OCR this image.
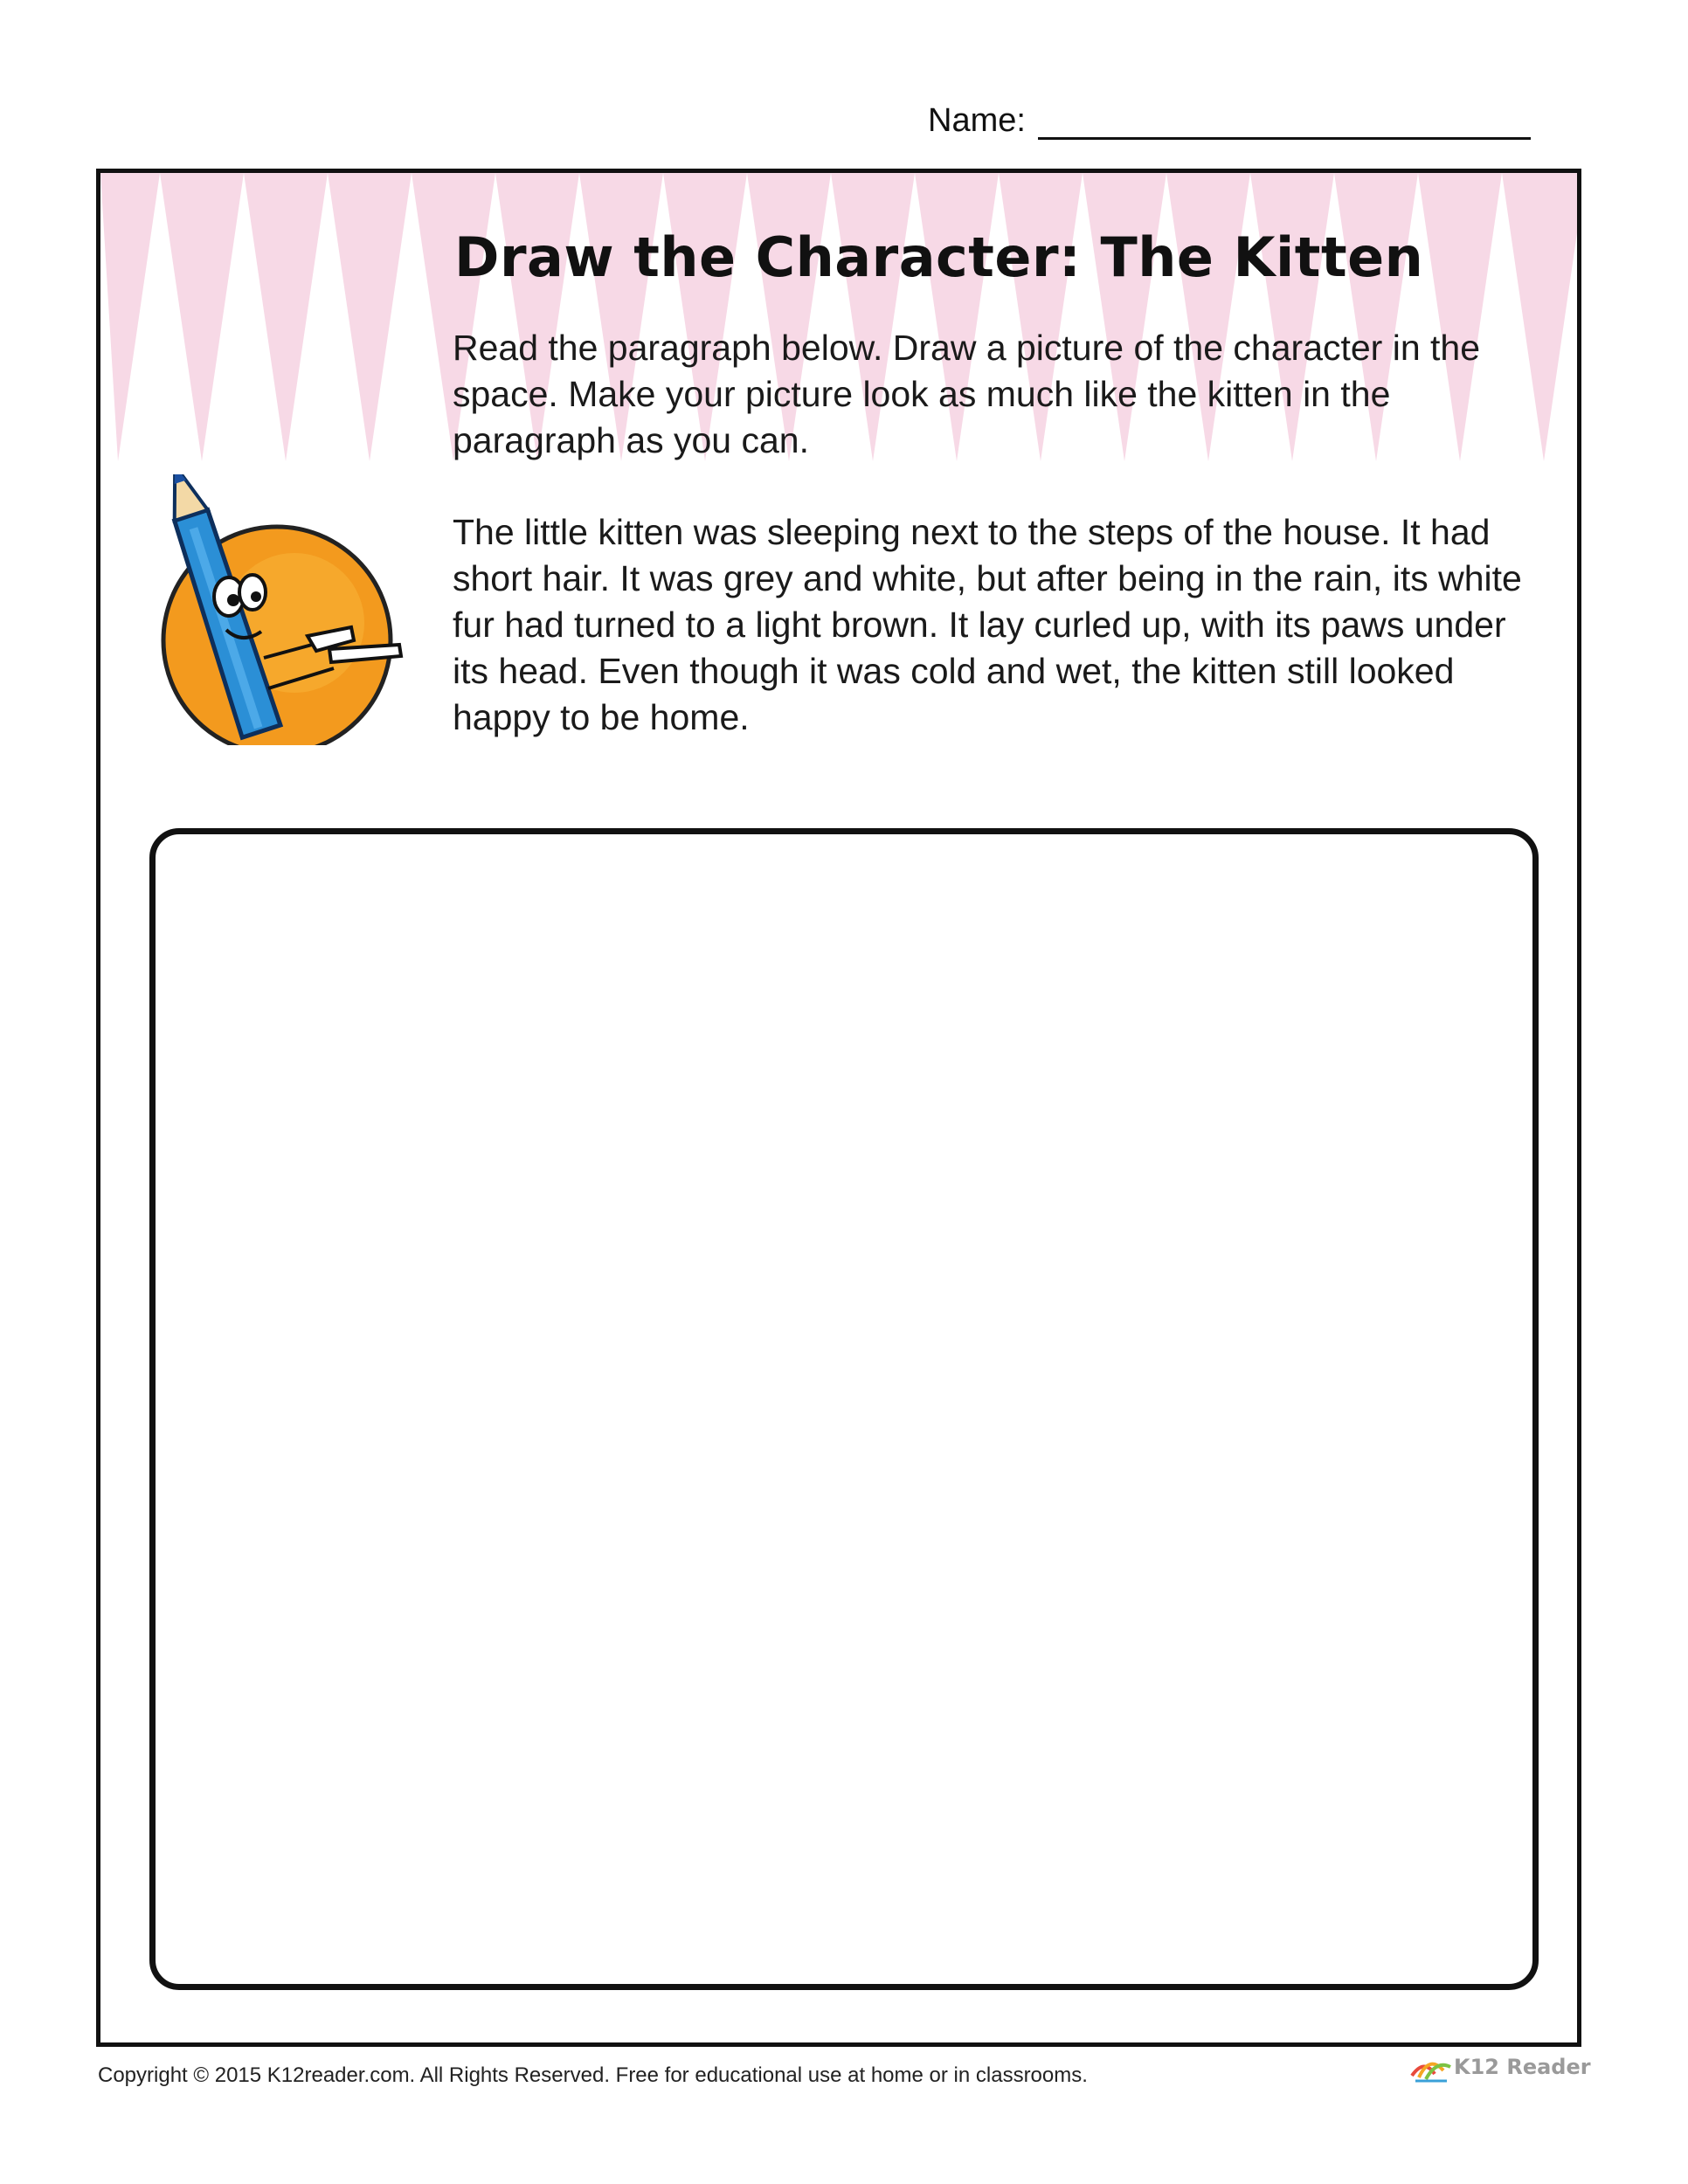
Name:
Draw the Character: The Kitten

Read the paragraph below. Draw a picture of the character in the space. Make your picture look as much like the kitten in the paragraph as you can.

The little kitten was sleeping next to the steps of the house. It had short hair. It was grey and white, but after being in the rain, its white fur had turned to a light brown. It lay curled up, with its paws under its head. Even though it was cold and wet, the kitten still looked happy to be home.

Copyright © 2015 K12reader.com. All Rights Reserved. Free for educational use at home or in classrooms.	K12 Reader
